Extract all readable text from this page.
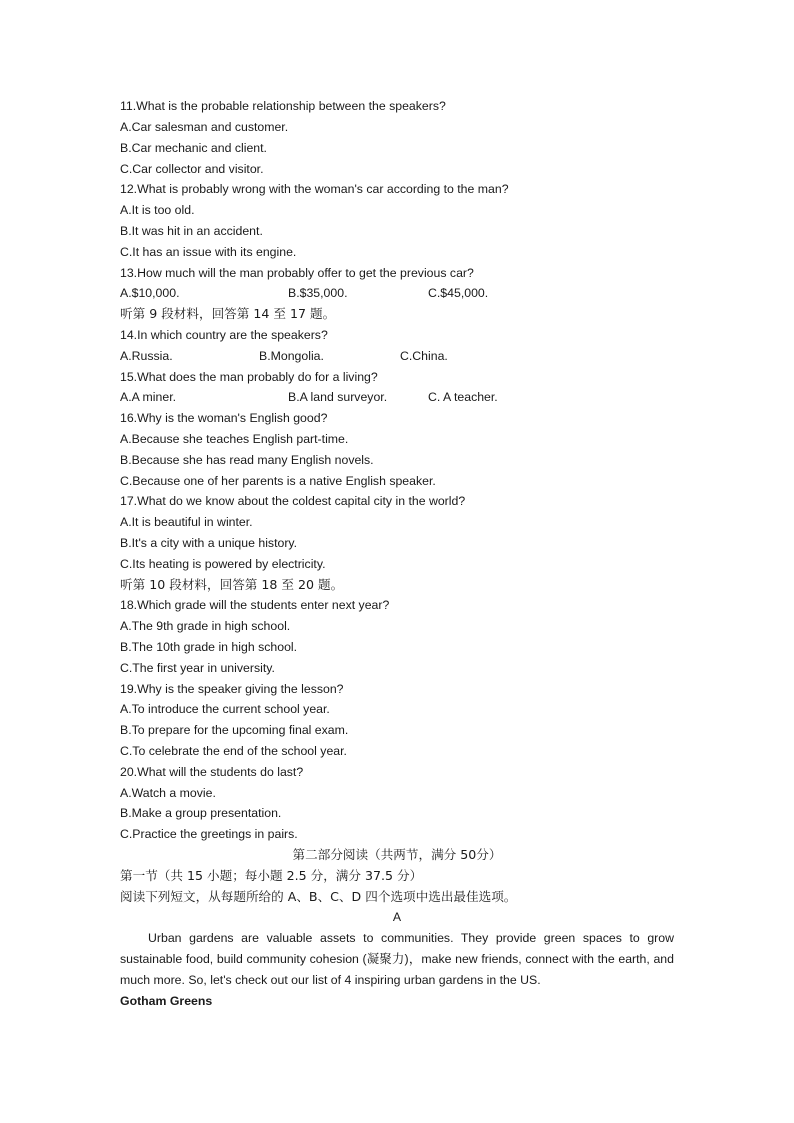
11.What is the probable relationship between the speakers?
A.Car salesman and customer.
B.Car mechanic and client.
C.Car collector and visitor.
12.What is probably wrong with the woman's car according to the man?
A.It is too old.
B.It was hit in an accident.
C.It has an issue with its engine.
13.How much will the man probably offer to get the previous car?
A.$10,000.	B.$35,000.	C.$45,000.
听第 9 段材料，回答第 14 至 17 题。
14.In which country are the speakers?
A.Russia.	B.Mongolia.	C.China.
15.What does the man probably do for a living?
A.A miner.	B.A land surveyor.	C. A teacher.
16.Why is the woman's English good?
A.Because she teaches English part-time.
B.Because she has read many English novels.
C.Because one of her parents is a native English speaker.
17.What do we know about the coldest capital city in the world?
A.It is beautiful in winter.
B.It's a city with a unique history.
C.Its heating is powered by electricity.
听第 10 段材料，回答第 18 至 20 题。
18.Which grade will the students enter next year?
A.The 9th grade in high school.
B.The 10th grade in high school.
C.The first year in university.
19.Why is the speaker giving the lesson?
A.To introduce the current school year.
B.To prepare for the upcoming final exam.
C.To celebrate the end of the school year.
20.What will the students do last?
A.Watch a movie.
B.Make a group presentation.
C.Practice the greetings in pairs.
第二部分阅读（共两节，满分 50分）
第一节（共 15 小题；每小题 2.5 分，满分 37.5 分）
阅读下列短文，从每题所给的 A、B、C、D 四个选项中选出最佳选项。
A
Urban gardens are valuable assets to communities. They provide green spaces to grow sustainable food, build community cohesion (凝聚力)，make new friends, connect with the earth, and much more. So, let's check out our list of 4 inspiring urban gardens in the US.
Gotham Greens
